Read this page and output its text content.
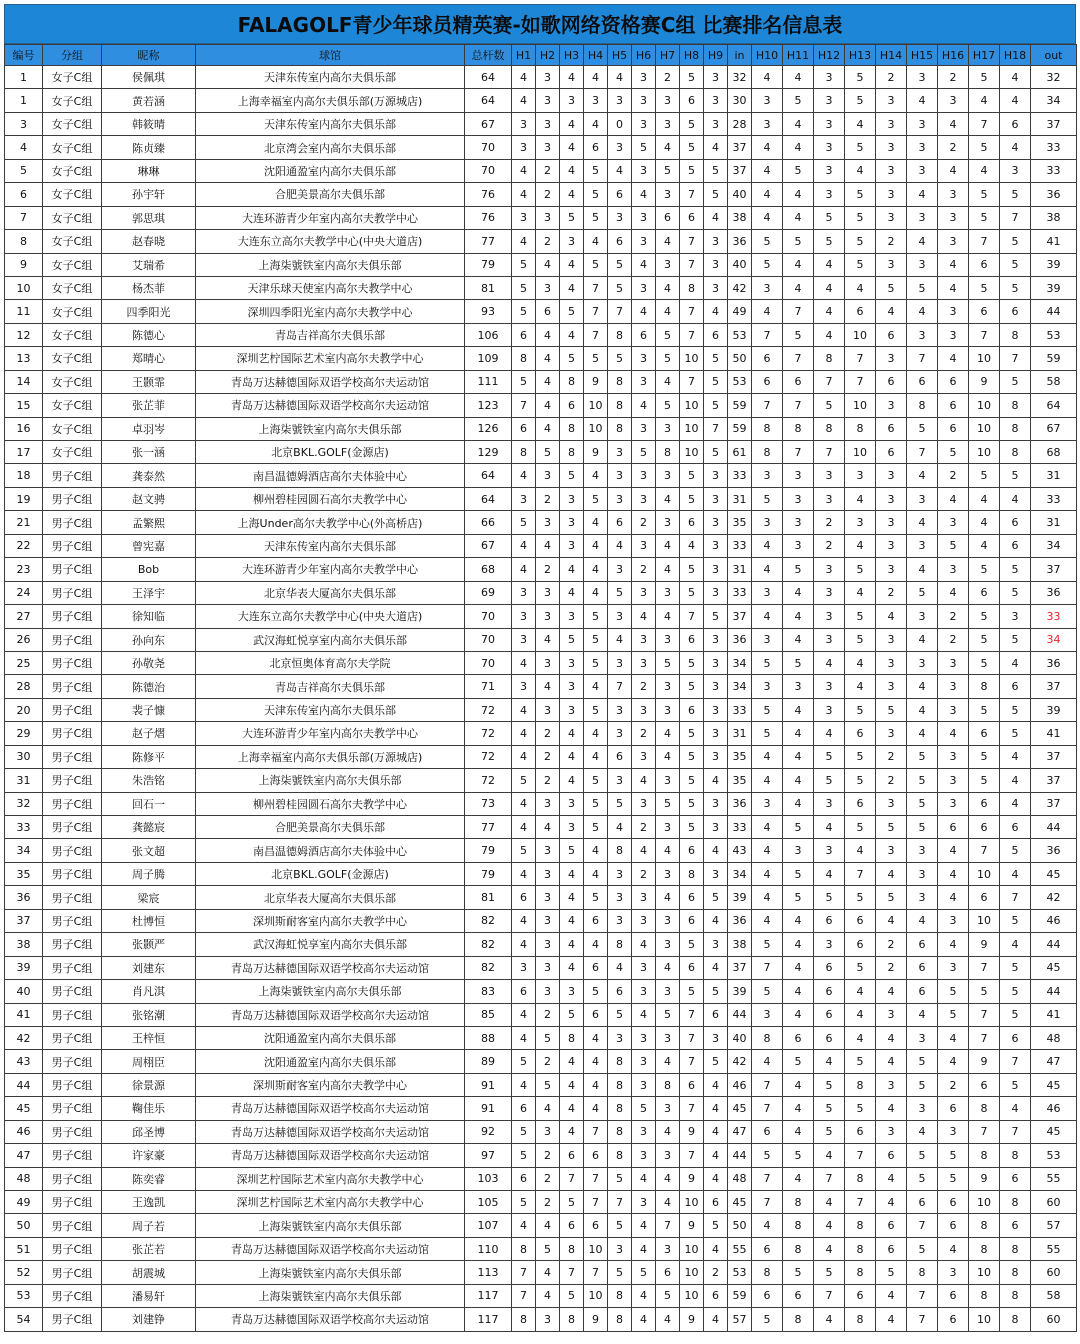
FALAGOLF青少年球员精英赛-如歌网络资格赛C组 比赛排名信息表
编号	分组	昵称	球馆	总杆数	H1	H2	H3	H4	H5	H6	H7	H8	H9	in	H10	H11	H12	H13	H14	H15	H16	H17	H18	out
1	女子C组	侯佩琪	天津东传室内高尔夫俱乐部	64	4	3	4	4	4	3	2	5	3	32	4	4	3	5	2	3	2	5	4	32
1	女子C组	黄若涵	上海幸福室内高尔夫俱乐部(万源城店)	64	4	3	3	3	3	3	3	6	3	30	3	5	3	5	3	4	3	4	4	34
3	女子C组	韩筱晴	天津东传室内高尔夫俱乐部	67	3	3	4	4	0	3	3	5	3	28	3	4	3	4	3	3	4	7	6	37
4	女子C组	陈贞臻	北京湾会室内高尔夫俱乐部	70	3	3	4	6	3	5	4	5	4	37	4	4	3	5	3	3	2	5	4	33
5	女子C组	琳琳	沈阳通盈室内高尔夫俱乐部	70	4	2	4	5	4	3	5	5	5	37	4	5	3	4	3	3	4	4	3	33
6	女子C组	孙宇轩	合肥美景高尔夫俱乐部	76	4	2	4	5	6	4	3	7	5	40	4	4	3	5	3	4	3	5	5	36
7	女子C组	郭思琪	大连环游青少年室内高尔夫教学中心	76	3	3	5	5	3	3	6	6	4	38	4	4	5	5	3	3	3	5	7	38
8	女子C组	赵春晓	大连东立高尔夫教学中心(中央大道店)	77	4	2	3	4	6	3	4	7	3	36	5	5	5	5	2	4	3	7	5	41
9	女子C组	艾瑞希	上海柒號铁室内高尔夫俱乐部	79	5	4	4	5	5	4	3	7	3	40	5	4	4	5	3	3	4	6	5	39
10	女子C组	杨杰菲	天津乐球天使室内高尔夫教学中心	81	5	3	4	7	5	3	4	8	3	42	3	4	4	4	5	5	4	5	5	39
11	女子C组	四季阳光	深圳四季阳光室内高尔夫教学中心	93	5	6	5	7	7	4	4	7	4	49	4	7	4	6	4	4	3	6	6	44
12	女子C组	陈德心	青岛吉祥高尔夫俱乐部	106	6	4	4	7	8	6	5	7	6	53	7	5	4	10	6	3	3	7	8	53
13	女子C组	郑晴心	深圳艺柠国际艺术室内高尔夫教学中心	109	8	4	5	5	5	3	5	10	5	50	6	7	8	7	3	7	4	10	7	59
14	女子C组	王颢霏	青岛万达赫德国际双语学校高尔夫运动馆	111	5	4	8	9	8	3	4	7	5	53	6	6	7	7	6	6	6	9	5	58
15	女子C组	张芷菲	青岛万达赫德国际双语学校高尔夫运动馆	123	7	4	6	10	8	4	5	10	5	59	7	7	5	10	3	8	6	10	8	64
16	女子C组	卓羽岑	上海柒號铁室内高尔夫俱乐部	126	6	4	8	10	8	3	3	10	7	59	8	8	8	8	6	5	6	10	8	67
17	女子C组	张一涵	北京BKL.GOLF(金源店)	129	8	5	8	9	3	5	8	10	5	61	8	7	7	10	6	7	5	10	8	68
18	男子C组	龚泰然	南昌温德姆酒店高尔夫体验中心	64	4	3	5	4	3	3	3	5	3	33	3	3	3	3	3	4	2	5	5	31
19	男子C组	赵文骋	柳州碧桂园圆石高尔夫教学中心	64	3	2	3	5	3	3	4	5	3	31	5	3	3	4	3	3	4	4	4	33
21	男子C组	孟繁熙	上海Under高尔夫教学中心(外高桥店)	66	5	3	3	4	6	2	3	6	3	35	3	3	2	3	3	4	3	4	6	31
22	男子C组	曾宪嘉	天津东传室内高尔夫俱乐部	67	4	4	3	4	4	3	4	4	3	33	4	3	2	4	3	3	5	4	6	34
23	男子C组	Bob	大连环游青少年室内高尔夫教学中心	68	4	2	4	4	3	2	4	5	3	31	4	5	3	5	3	4	3	5	5	37
24	男子C组	王泽宇	北京华表大厦高尔夫俱乐部	69	3	3	4	4	5	3	3	5	3	33	3	4	3	4	2	5	4	6	5	36
27	男子C组	徐知临	大连东立高尔夫教学中心(中央大道店)	70	3	3	3	5	3	4	4	7	5	37	4	4	3	5	4	3	2	5	3	33
26	男子C组	孙向东	武汉海虹悦享室内高尔夫俱乐部	70	3	4	5	5	4	3	3	6	3	36	3	4	3	5	3	4	2	5	5	34
25	男子C组	孙敬尧	北京恒奥体育高尔夫学院	70	4	3	3	5	3	3	5	5	3	34	5	5	4	4	3	3	3	5	4	36
28	男子C组	陈德治	青岛吉祥高尔夫俱乐部	71	3	4	3	4	7	2	3	5	3	34	3	3	3	4	3	4	3	8	6	37
20	男子C组	裴子慷	天津东传室内高尔夫俱乐部	72	4	3	3	5	3	3	3	6	3	33	5	4	3	5	5	4	3	5	5	39
29	男子C组	赵子熠	大连环游青少年室内高尔夫教学中心	72	4	2	4	4	3	2	4	5	3	31	5	4	4	6	3	4	4	6	5	41
30	男子C组	陈修平	上海幸福室内高尔夫俱乐部(万源城店)	72	4	2	4	4	6	3	4	5	3	35	4	4	5	5	2	5	3	5	4	37
31	男子C组	朱浩铭	上海柒號铁室内高尔夫俱乐部	72	5	2	4	5	3	4	3	5	4	35	4	4	5	5	2	5	3	5	4	37
32	男子C组	回石一	柳州碧桂园圆石高尔夫教学中心	73	4	3	3	5	5	3	5	5	3	36	3	4	3	6	3	5	3	6	4	37
33	男子C组	龚懿宸	合肥美景高尔夫俱乐部	77	4	4	3	5	4	2	3	5	3	33	4	5	4	5	5	5	6	6	6	44
34	男子C组	张文超	南昌温德姆酒店高尔夫体验中心	79	5	3	5	4	8	4	4	6	4	43	4	3	3	4	3	3	4	7	5	36
35	男子C组	周子腾	北京BKL.GOLF(金源店)	79	4	3	4	4	3	2	3	8	3	34	4	5	4	7	4	3	4	10	4	45
36	男子C组	梁宸	北京华表大厦高尔夫俱乐部	81	6	3	4	5	3	3	4	6	5	39	4	5	5	5	5	3	4	6	7	42
37	男子C组	杜博恒	深圳斯耐客室内高尔夫教学中心	82	4	3	4	6	3	3	3	6	4	36	4	4	6	6	4	4	3	10	5	46
38	男子C组	张颢严	武汉海虹悦享室内高尔夫俱乐部	82	4	3	4	4	8	4	3	5	3	38	5	4	3	6	2	6	4	9	4	44
39	男子C组	刘建东	青岛万达赫德国际双语学校高尔夫运动馆	82	3	3	4	6	4	3	4	6	4	37	7	4	6	5	2	6	3	7	5	45
40	男子C组	肖凡淇	上海柒號铁室内高尔夫俱乐部	83	6	3	3	5	6	3	3	5	5	39	5	4	6	4	4	6	5	5	5	44
41	男子C组	张铭潮	青岛万达赫德国际双语学校高尔夫运动馆	85	4	2	5	6	5	4	5	7	6	44	3	4	6	4	3	4	5	7	5	41
42	男子C组	王梓恒	沈阳通盈室内高尔夫俱乐部	88	4	5	8	4	3	3	3	7	3	40	8	6	6	4	4	3	4	7	6	48
43	男子C组	周栩臣	沈阳通盈室内高尔夫俱乐部	89	5	2	4	4	8	3	4	7	5	42	4	5	4	5	4	5	4	9	7	47
44	男子C组	徐景源	深圳斯耐客室内高尔夫教学中心	91	4	5	4	4	8	3	8	6	4	46	7	4	5	8	3	5	2	6	5	45
45	男子C组	鞠佳乐	青岛万达赫德国际双语学校高尔夫运动馆	91	6	4	4	4	8	5	3	7	4	45	7	4	5	5	4	3	6	8	4	46
46	男子C组	邱圣博	青岛万达赫德国际双语学校高尔夫运动馆	92	5	3	4	7	8	3	4	9	4	47	6	4	5	6	3	4	3	7	7	45
47	男子C组	许家豪	青岛万达赫德国际双语学校高尔夫运动馆	97	5	2	6	6	8	3	3	7	4	44	5	5	4	7	6	5	5	8	8	53
48	男子C组	陈奕睿	深圳艺柠国际艺术室内高尔夫教学中心	103	6	2	7	7	5	4	4	9	4	48	7	4	7	8	4	5	5	9	6	55
49	男子C组	王逸凯	深圳艺柠国际艺术室内高尔夫教学中心	105	5	2	5	7	7	3	4	10	6	45	7	8	4	7	4	6	6	10	8	60
50	男子C组	周子若	上海柒號铁室内高尔夫俱乐部	107	4	4	6	6	5	4	7	9	5	50	4	8	4	8	6	7	6	8	6	57
51	男子C组	张芷若	青岛万达赫德国际双语学校高尔夫运动馆	110	8	5	8	10	3	4	3	10	4	55	6	8	4	8	6	5	4	8	8	55
52	男子C组	胡震城	上海柒號铁室内高尔夫俱乐部	113	7	4	7	7	5	5	6	10	2	53	8	5	5	8	5	8	3	10	8	60
53	男子C组	潘易轩	上海柒號铁室内高尔夫俱乐部	117	7	4	5	10	8	4	5	10	6	59	6	6	7	6	4	7	6	8	8	58
54	男子C组	刘建铮	青岛万达赫德国际双语学校高尔夫运动馆	117	8	3	8	9	8	4	4	9	4	57	5	8	4	8	4	7	6	10	8	60
